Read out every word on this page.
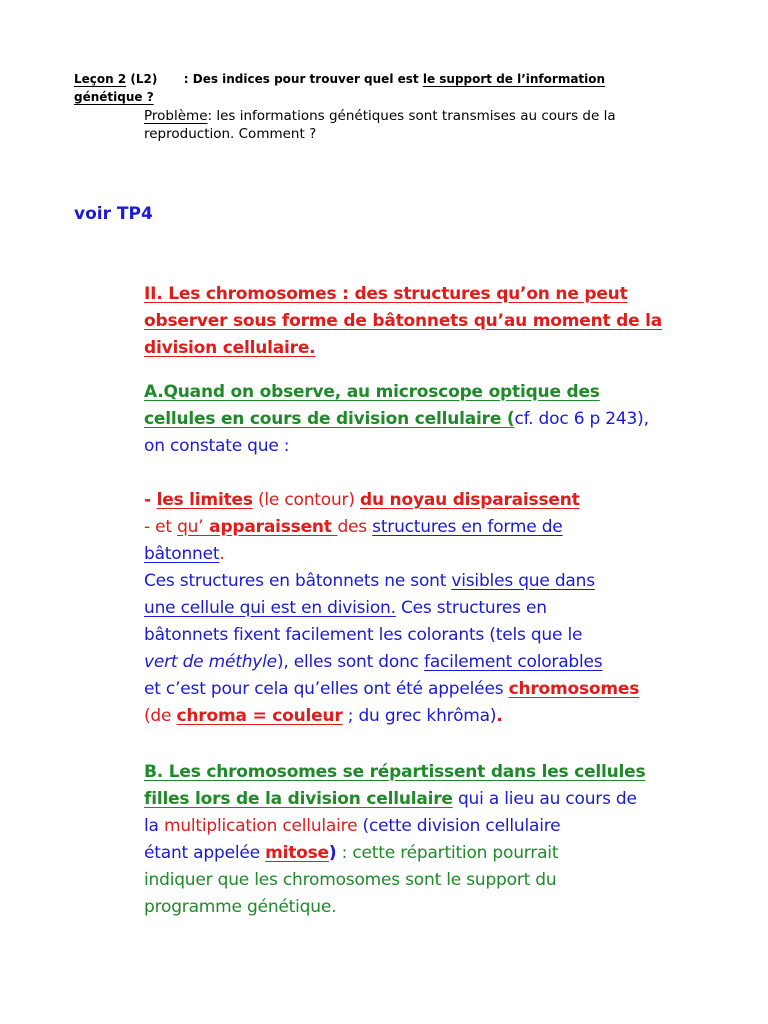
Leçon 2 (L2) : Des indices pour trouver quel est le support de l’information
génétique ?
Problème: les informations génétiques sont transmises au cours de la
reproduction. Comment ?
voir TP4
II. Les chromosomes : des structures qu’on ne peut
observer sous forme de bâtonnets qu’au moment de la
division cellulaire.
A.Quand on observe, au microscope optique des
cellules en cours de division cellulaire (cf. doc 6 p 243),
on constate que :
- les limites (le contour) du noyau disparaissent
- et qu’ apparaissent des structures en forme de
bâtonnet.
Ces structures en bâtonnets ne sont visibles que dans
une cellule qui est en division. Ces structures en
bâtonnets fixent facilement les colorants (tels que le
vert de méthyle), elles sont donc facilement colorables
et c’est pour cela qu’elles ont été appelées chromosomes
(de chroma = couleur ; du grec khrôma).
B. Les chromosomes se répartissent dans les cellules
filles lors de la division cellulaire qui a lieu au cours de
la multiplication cellulaire (cette division cellulaire
étant appelée mitose) : cette répartition pourrait
indiquer que les chromosomes sont le support du
programme génétique.
